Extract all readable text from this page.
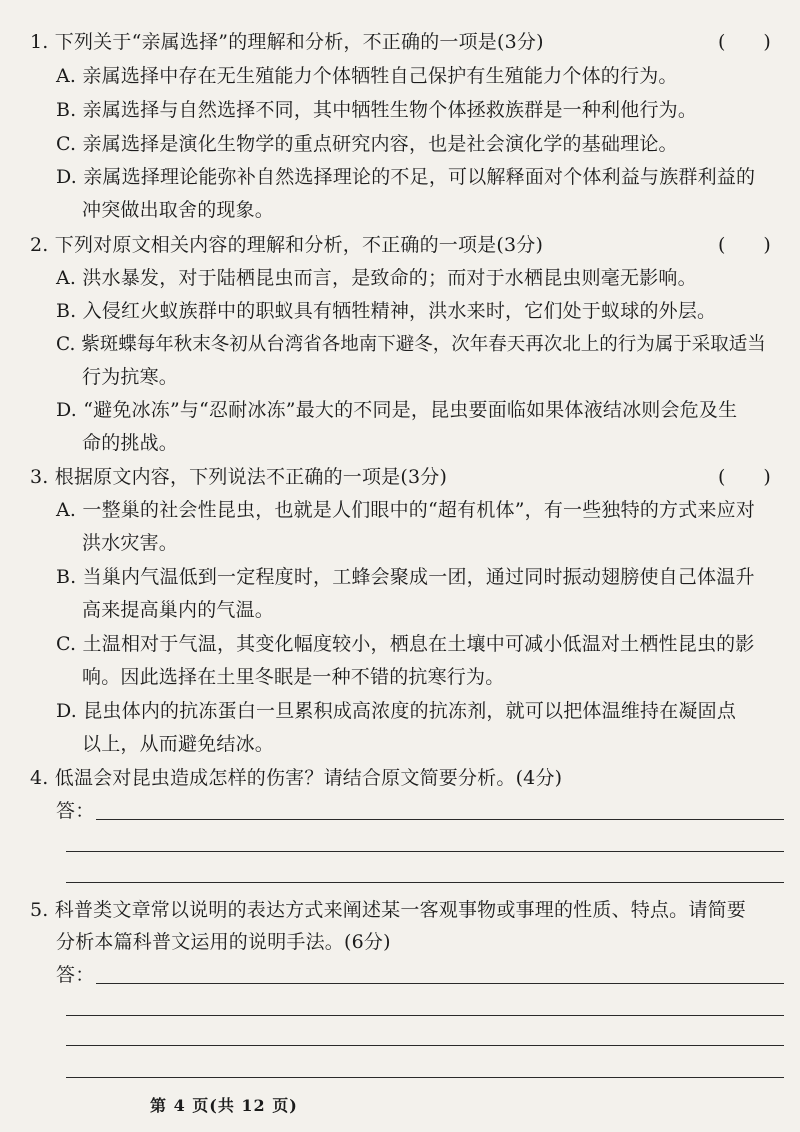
1. 下列关于“亲属选择”的理解和分析，不正确的一项是(3分)	(　　)
A. 亲属选择中存在无生殖能力个体牺牲自己保护有生殖能力个体的行为。
B. 亲属选择与自然选择不同，其中牺牲生物个体拯救族群是一种利他行为。
C. 亲属选择是演化生物学的重点研究内容，也是社会演化学的基础理论。
D. 亲属选择理论能弥补自然选择理论的不足，可以解释面对个体利益与族群利益的
冲突做出取舍的现象。
2. 下列对原文相关内容的理解和分析，不正确的一项是(3分)	(　　)
A. 洪水暴发，对于陆栖昆虫而言，是致命的；而对于水栖昆虫则毫无影响。
B. 入侵红火蚁族群中的职蚁具有牺牲精神，洪水来时，它们处于蚁球的外层。
C. 紫斑蝶每年秋末冬初从台湾省各地南下避冬，次年春天再次北上的行为属于采取适当
行为抗寒。
D. “避免冰冻”与“忍耐冰冻”最大的不同是，昆虫要面临如果体液结冰则会危及生
命的挑战。
3. 根据原文内容，下列说法不正确的一项是(3分)	(　　)
A. 一整巢的社会性昆虫，也就是人们眼中的“超有机体”，有一些独特的方式来应对
洪水灾害。
B. 当巢内气温低到一定程度时，工蜂会聚成一团，通过同时振动翅膀使自己体温升
高来提高巢内的气温。
C. 土温相对于气温，其变化幅度较小，栖息在土壤中可减小低温对土栖性昆虫的影
响。因此选择在土里冬眠是一种不错的抗寒行为。
D. 昆虫体内的抗冻蛋白一旦累积成高浓度的抗冻剂，就可以把体温维持在凝固点
以上，从而避免结冰。
4. 低温会对昆虫造成怎样的伤害？请结合原文简要分析。(4分)
答：
5. 科普类文章常以说明的表达方式来阐述某一客观事物或事理的性质、特点。请简要
分析本篇科普文运用的说明手法。(6分)
答：
第 4 页(共 12 页)
